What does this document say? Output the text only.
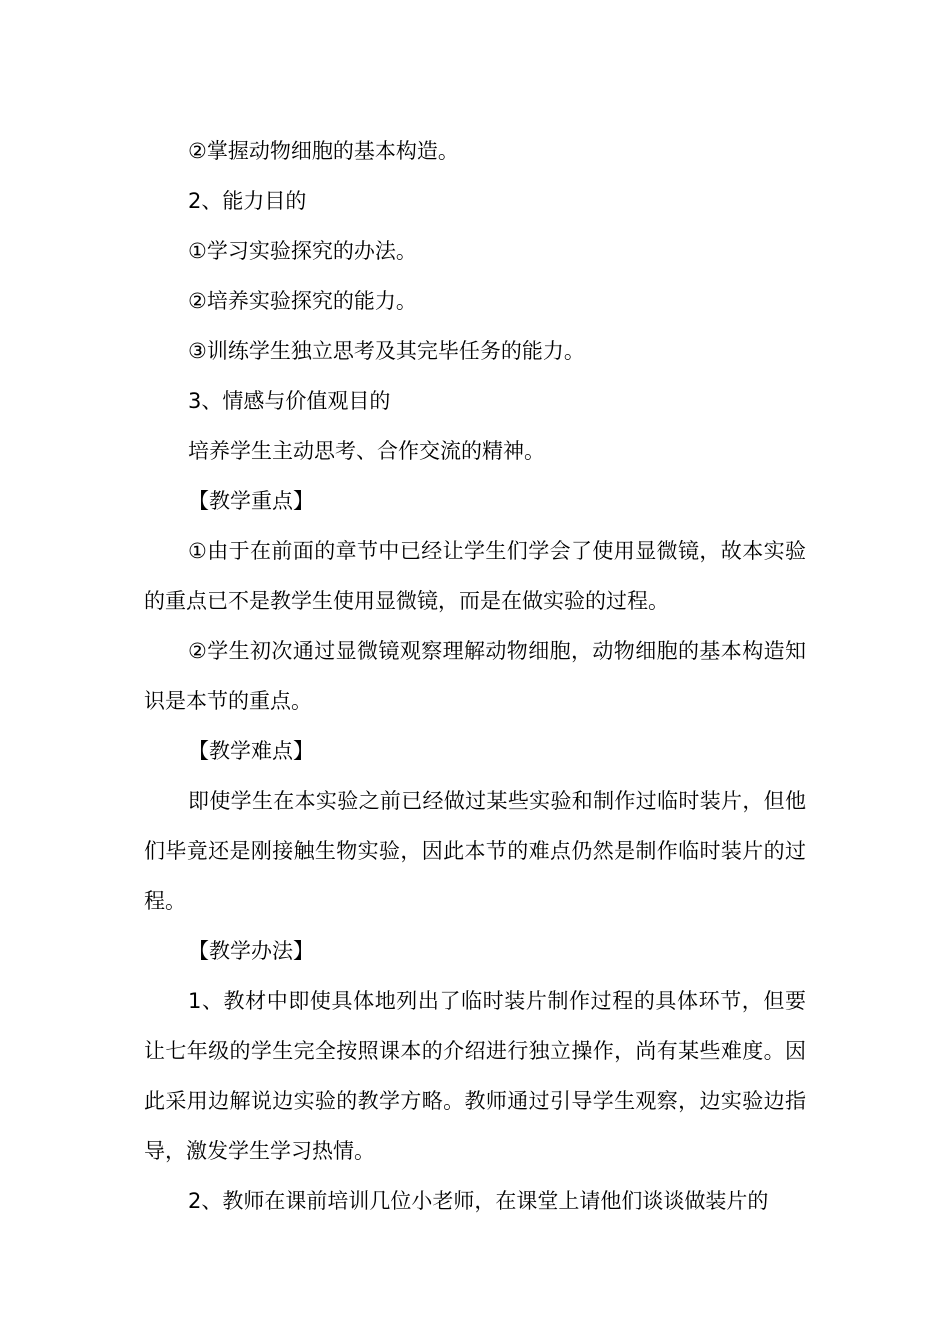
②掌握动物细胞的基本构造。

2、能力目的

①学习实验探究的办法。

②培养实验探究的能力。

③训练学生独立思考及其完毕任务的能力。

3、情感与价值观目的

培养学生主动思考、合作交流的精神。

【教学重点】

①由于在前面的章节中已经让学生们学会了使用显微镜，故本实验的重点已不是教学生使用显微镜，而是在做实验的过程。

②学生初次通过显微镜观察理解动物细胞，动物细胞的基本构造知识是本节的重点。

【教学难点】

即使学生在本实验之前已经做过某些实验和制作过临时装片，但他们毕竟还是刚接触生物实验，因此本节的难点仍然是制作临时装片的过程。

【教学办法】

1、教材中即使具体地列出了临时装片制作过程的具体环节，但要让七年级的学生完全按照课本的介绍进行独立操作，尚有某些难度。因此采用边解说边实验的教学方略。教师通过引导学生观察，边实验边指导，激发学生学习热情。

2、教师在课前培训几位小老师，在课堂上请他们谈谈做装片的
